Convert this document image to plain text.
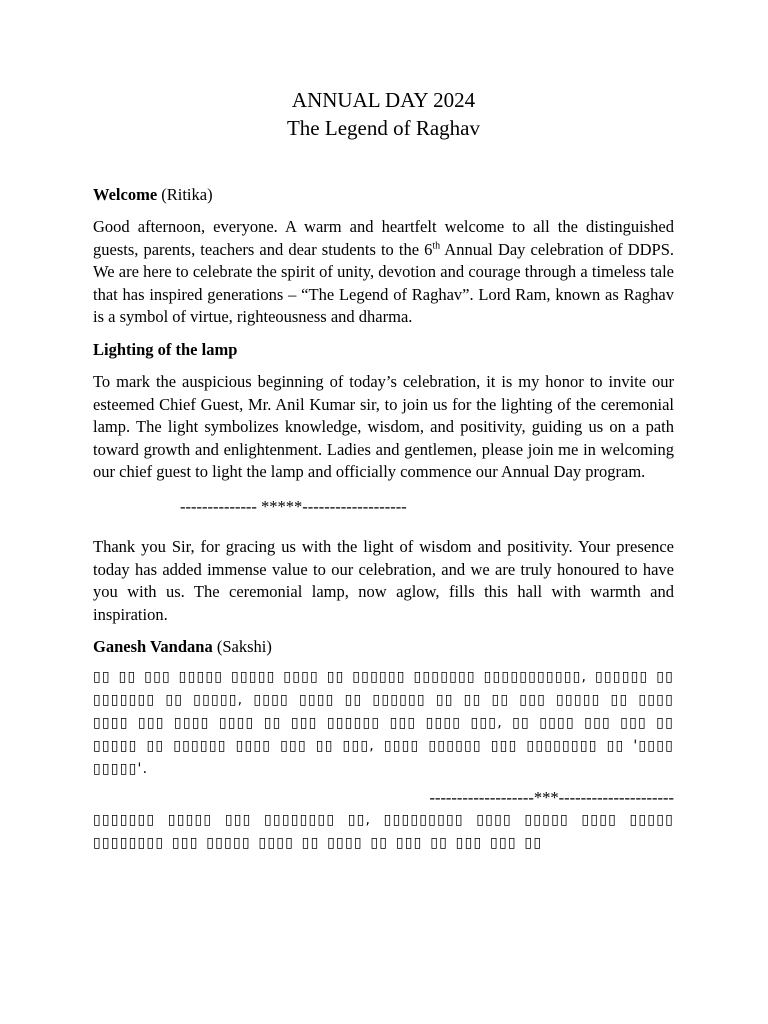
ANNUAL DAY 2024

The Legend of Raghav

Welcome (Ritika)

Good afternoon, everyone. A warm and heartfelt welcome to all the distinguished guests, parents, teachers and dear students to the 6th Annual Day celebration of DDPS. We are here to celebrate the spirit of unity, devotion and courage through a timeless tale that has inspired generations – “The Legend of Raghav”. Lord Ram, known as Raghav is a symbol of virtue, righteousness and dharma.

Lighting of the lamp

To mark the auspicious beginning of today’s celebration, it is my honor to invite our esteemed Chief Guest, Mr. Anil Kumar sir, to join us for the lighting of the ceremonial lamp. The light symbolizes knowledge, wisdom, and positivity, guiding us on a path toward growth and enlightenment. Ladies and gentlemen, please join me in welcoming our chief guest to light the lamp and officially commence our Annual Day program.

-------------- *****-------------------

Thank you Sir, for gracing us with the light of wisdom and positivity. Your presence today has added immense value to our celebration, and we are truly honoured to have you with us. The ceremonial lamp, now aglow, fills this hall with warmth and inspiration.

Ganesh Vandana (Sakshi)

▯▯ ▯▯ ▯▯▯ ▯▯▯▯▯ ▯▯▯▯▯ ▯▯▯▯ ▯▯ ▯▯▯▯▯▯ ▯▯▯▯▯▯▯ ▯▯▯▯▯▯▯▯▯▯▯, ▯▯▯▯▯▯ ▯▯ ▯▯▯▯▯▯▯ ▯▯ ▯▯▯▯▯, ▯▯▯▯ ▯▯▯▯ ▯▯ ▯▯▯▯▯▯ ▯▯ ▯▯ ▯▯ ▯▯▯ ▯▯▯▯▯ ▯▯ ▯▯▯▯ ▯▯▯▯ ▯▯▯ ▯▯▯▯ ▯▯▯▯ ▯▯ ▯▯▯ ▯▯▯▯▯▯ ▯▯▯ ▯▯▯▯ ▯▯▯, ▯▯ ▯▯▯▯ ▯▯▯ ▯▯▯ ▯▯ ▯▯▯▯▯ ▯▯ ▯▯▯▯▯▯ ▯▯▯▯ ▯▯▯ ▯▯ ▯▯▯, ▯▯▯▯ ▯▯▯▯▯▯ ▯▯▯ ▯▯▯▯▯▯▯▯ ▯▯ '▯▯▯▯ ▯▯▯▯▯'.

-------------------***---------------------

▯▯▯▯▯▯▯ ▯▯▯▯▯ ▯▯▯ ▯▯▯▯▯▯▯▯ ▯▯, ▯▯▯▯▯▯▯▯▯ ▯▯▯▯ ▯▯▯▯▯ ▯▯▯▯ ▯▯▯▯▯ ▯▯▯▯▯▯▯▯ ▯▯▯ ▯▯▯▯▯ ▯▯▯▯ ▯▯ ▯▯▯▯ ▯▯ ▯▯▯ ▯▯ ▯▯▯ ▯▯▯ ▯▯
